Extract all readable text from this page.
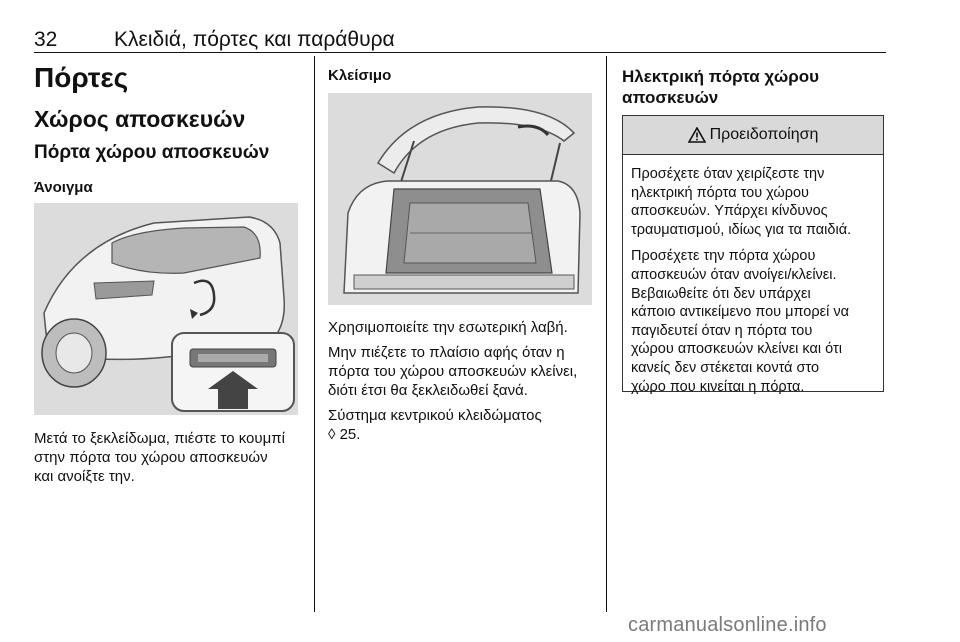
32	Κλειδιά, πόρτες και παράθυρα
Πόρτες
Χώρος αποσκευών
Πόρτα χώρου αποσκευών

Άνοιγμα

Μετά το ξεκλείδωμα, πιέστε το κουμπί

στην πόρτα του χώρου αποσκευών

και ανοίξτε την.

Κλείσιμο

Χρησιμοποιείτε την εσωτερική λαβή.

Μην πιέζετε το πλαίσιο αφής όταν η

πόρτα του χώρου αποσκευών κλείνει,

διότι έτσι θα ξεκλειδωθεί ξανά.

Σύστημα κεντρικού κλειδώματος

◊ 25.

Ηλεκτρική πόρτα χώρου

αποσκευών

Προειδοποίηση

Προσέχετε όταν χειρίζεστε την
ηλεκτρική πόρτα του χώρου
αποσκευών. Υπάρχει κίνδυνος
τραυματισμού, ιδίως για τα παιδιά.

Προσέχετε την πόρτα χώρου
αποσκευών όταν ανοίγει/κλείνει.
Βεβαιωθείτε ότι δεν υπάρχει
κάποιο αντικείμενο που μπορεί να
παγιδευτεί όταν η πόρτα του
χώρου αποσκευών κλείνει και ότι
κανείς δεν στέκεται κοντά στο
χώρο που κινείται η πόρτα.

carmanualsonline.info
